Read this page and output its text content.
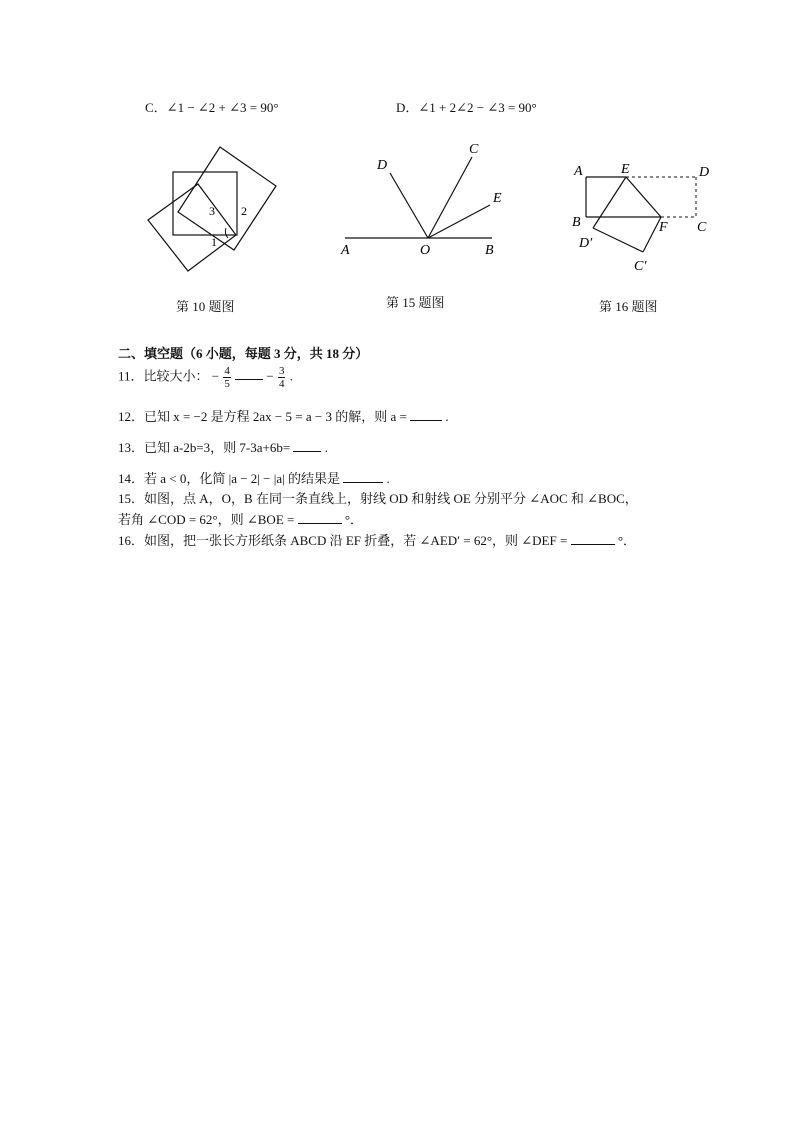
C．∠1 − ∠2 + ∠3 = 90°	D．∠1 + 2∠2 − ∠3 = 90°
3 2
1
第 10 题图
D
C
E
A	O	B
第 15 题图
A	E	D
B	C
D′
F
C′
第 16 题图
二、填空题（6 小题，每题 3 分，共 18 分）
11．比较大小： − $\frac{4}{5}$	− $\frac{3}{4}$ .
12．已知 x = −2 是方程 2ax − 5 = a − 3 的解，则 a =	.
13．已知 a-2b=3，则 7-3a+6b=	.
14．若 a < 0，化简 |a − 2| − |a| 的结果是	.
15．如图，点 A，O，B 在同一条直线上，射线 OD 和射线 OE 分别平分 ∠AOC 和 ∠BOC，
若角 ∠COD = 62°，则 ∠BOE =	°．
16．如图，把一张长方形纸条 ABCD 沿 EF 折叠，若 ∠AED′ = 62°，则 ∠DEF =	°．
